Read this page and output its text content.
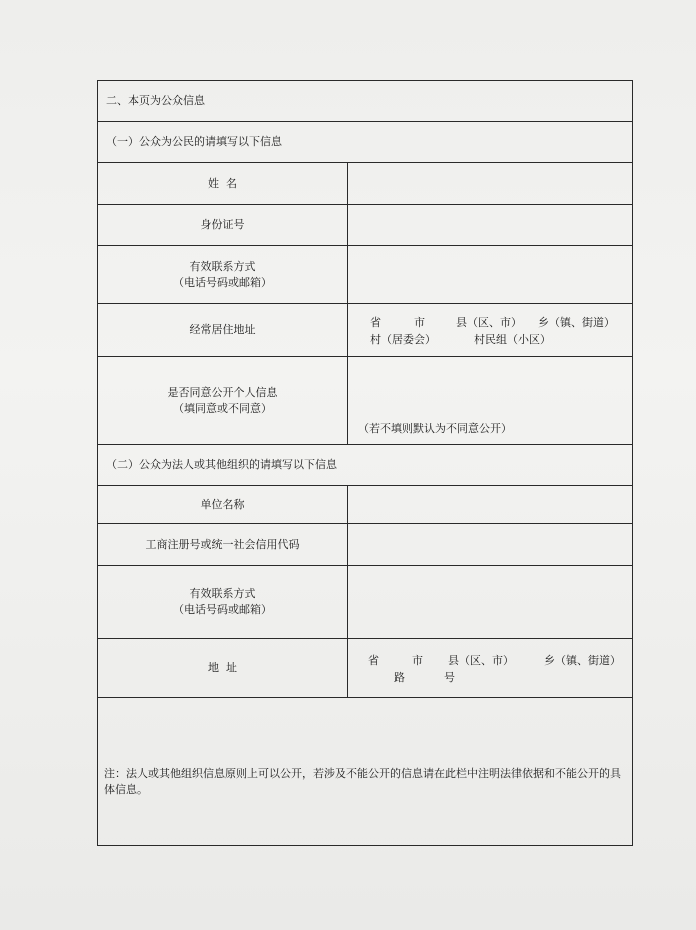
二、本页为公众信息
（一）公众为公民的请填写以下信息
姓  名
身份证号
有效联系方式
（电话号码或邮箱）
经常居住地址
省	市	县（区、市） 乡（镇、街道）
村（居委会）	村民组（小区）
是否同意公开个人信息
（填同意或不同意）
（若不填则默认为不同意公开）
（二）公众为法人或其他组织的请填写以下信息
单位名称
工商注册号或统一社会信用代码
有效联系方式
（电话号码或邮箱）
地  址
省	市 县（区、市）	乡（镇、街道）
路	号
注：法人或其他组织信息原则上可以公开，若涉及不能公开的信息请在此栏中注明法律依据和不能公开的具体信息。
